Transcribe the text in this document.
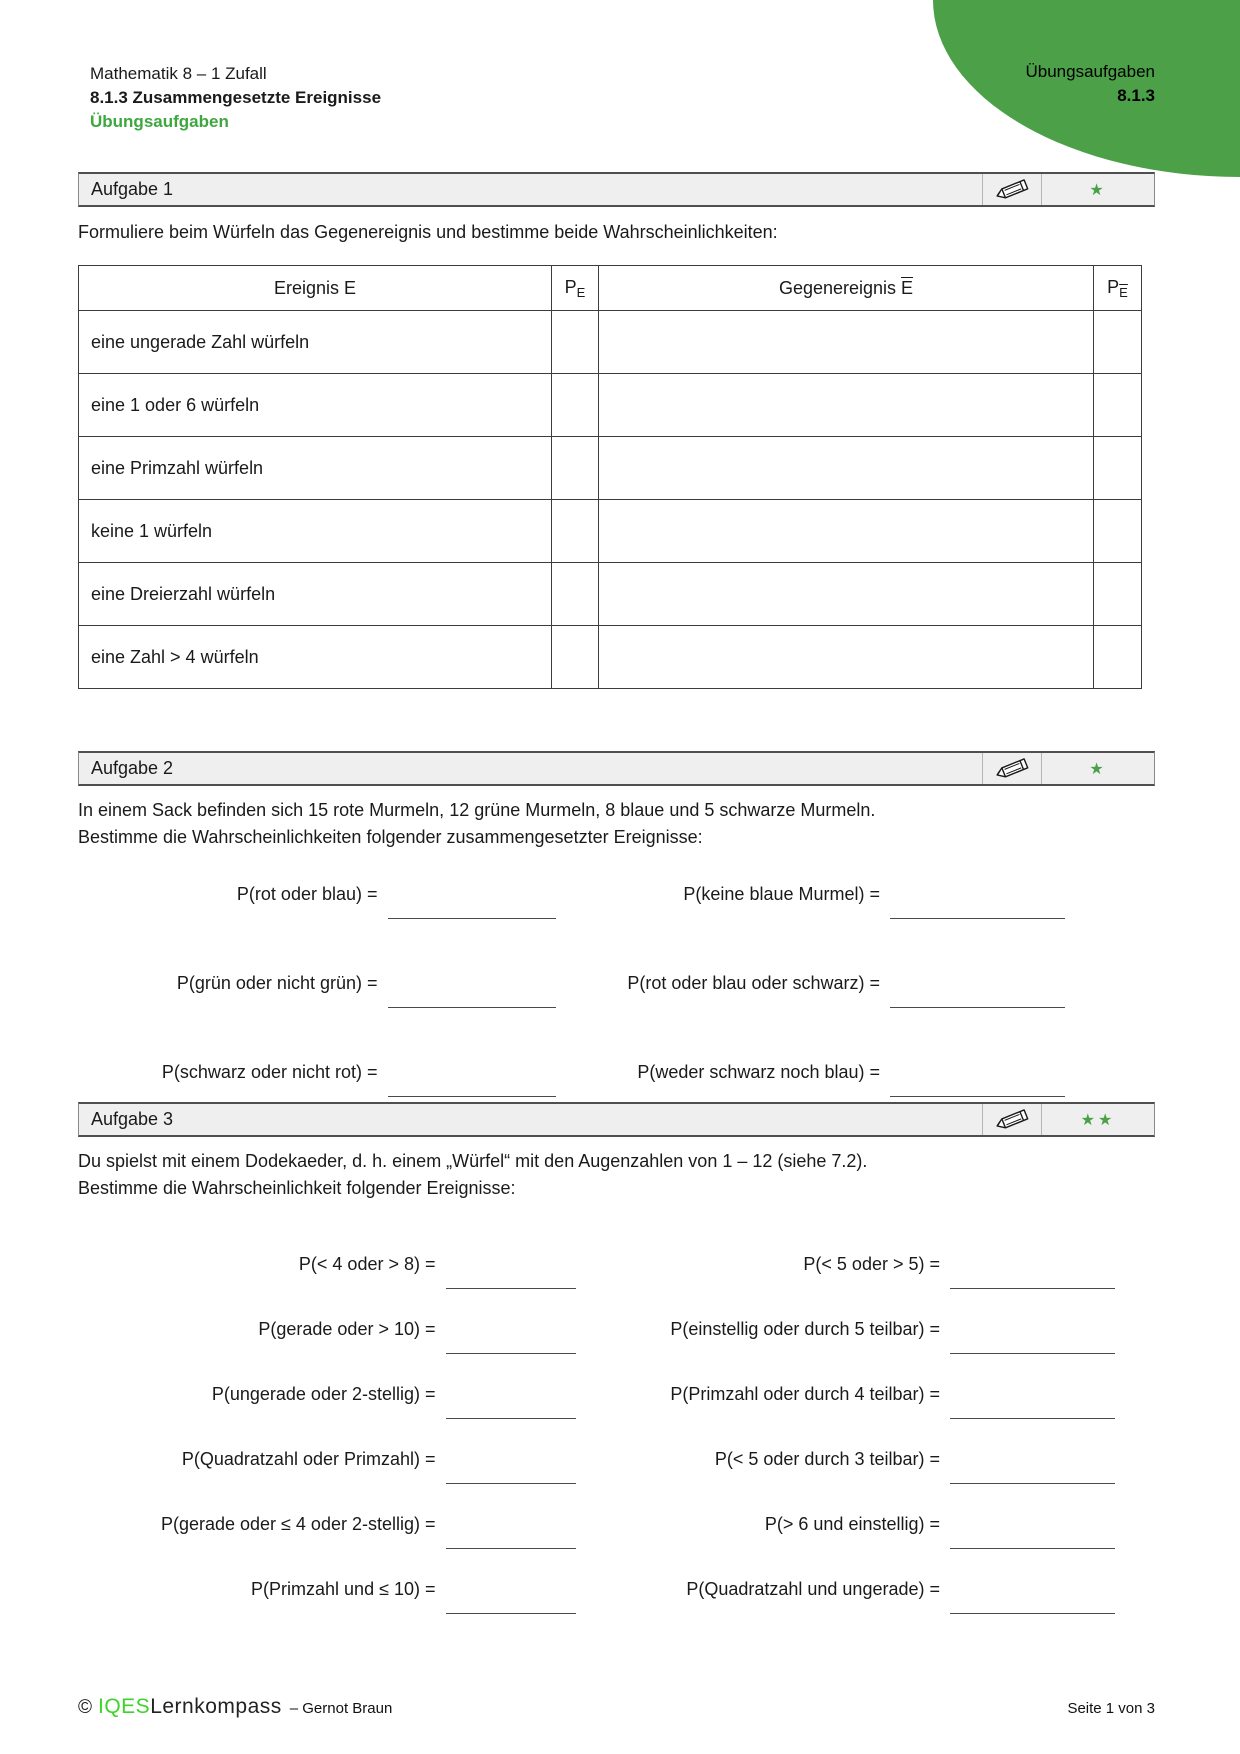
Mathematik 8 – 1 Zufall
8.1.3 Zusammengesetzte Ereignisse
Übungsaufgaben
Übungsaufgaben
8.1.3
Aufgabe 1	★

Formuliere beim Würfeln das Gegenereignis und bestimme beide Wahrscheinlichkeiten:

Ereignis E	$P_E$	Gegenereignis $\overline{E}$	$P_{\overline{E}}$
eine ungerade Zahl würfeln			
eine 1 oder 6 würfeln			
eine Primzahl würfeln			
keine 1 würfeln			
eine Dreierzahl würfeln			
eine Zahl > 4 würfeln			
Aufgabe 2	★

In einem Sack befinden sich 15 rote Murmeln, 12 grüne Murmeln, 8 blaue und 5 schwarze Murmeln.
Bestimme die Wahrscheinlichkeiten folgender zusammengesetzter Ereignisse:

P(rot oder blau) =	P(keine blaue Murmel) =
P(grün oder nicht grün) =	P(rot oder blau oder schwarz) =
P(schwarz oder nicht rot) =	P(weder schwarz noch blau) =
Aufgabe 3	★★

Du spielst mit einem Dodekaeder, d. h. einem „Würfel“ mit den Augenzahlen von 1 – 12 (siehe 7.2).
Bestimme die Wahrscheinlichkeit folgender Ereignisse:

P(< 4 oder > 8) =	P(< 5 oder > 5) =
P(gerade oder > 10) =	P(einstellig oder durch 5 teilbar) =
P(ungerade oder 2-stellig) =	P(Primzahl oder durch 4 teilbar) =
P(Quadratzahl oder Primzahl) =	P(< 5 oder durch 3 teilbar) =
P(gerade oder ≤ 4 oder 2-stellig) =	P(> 6 und einstellig) =
P(Primzahl und ≤ 10) =	P(Quadratzahl und ungerade) =
© IQES Lernkompass – Gernot Braun	Seite 1 von 3
